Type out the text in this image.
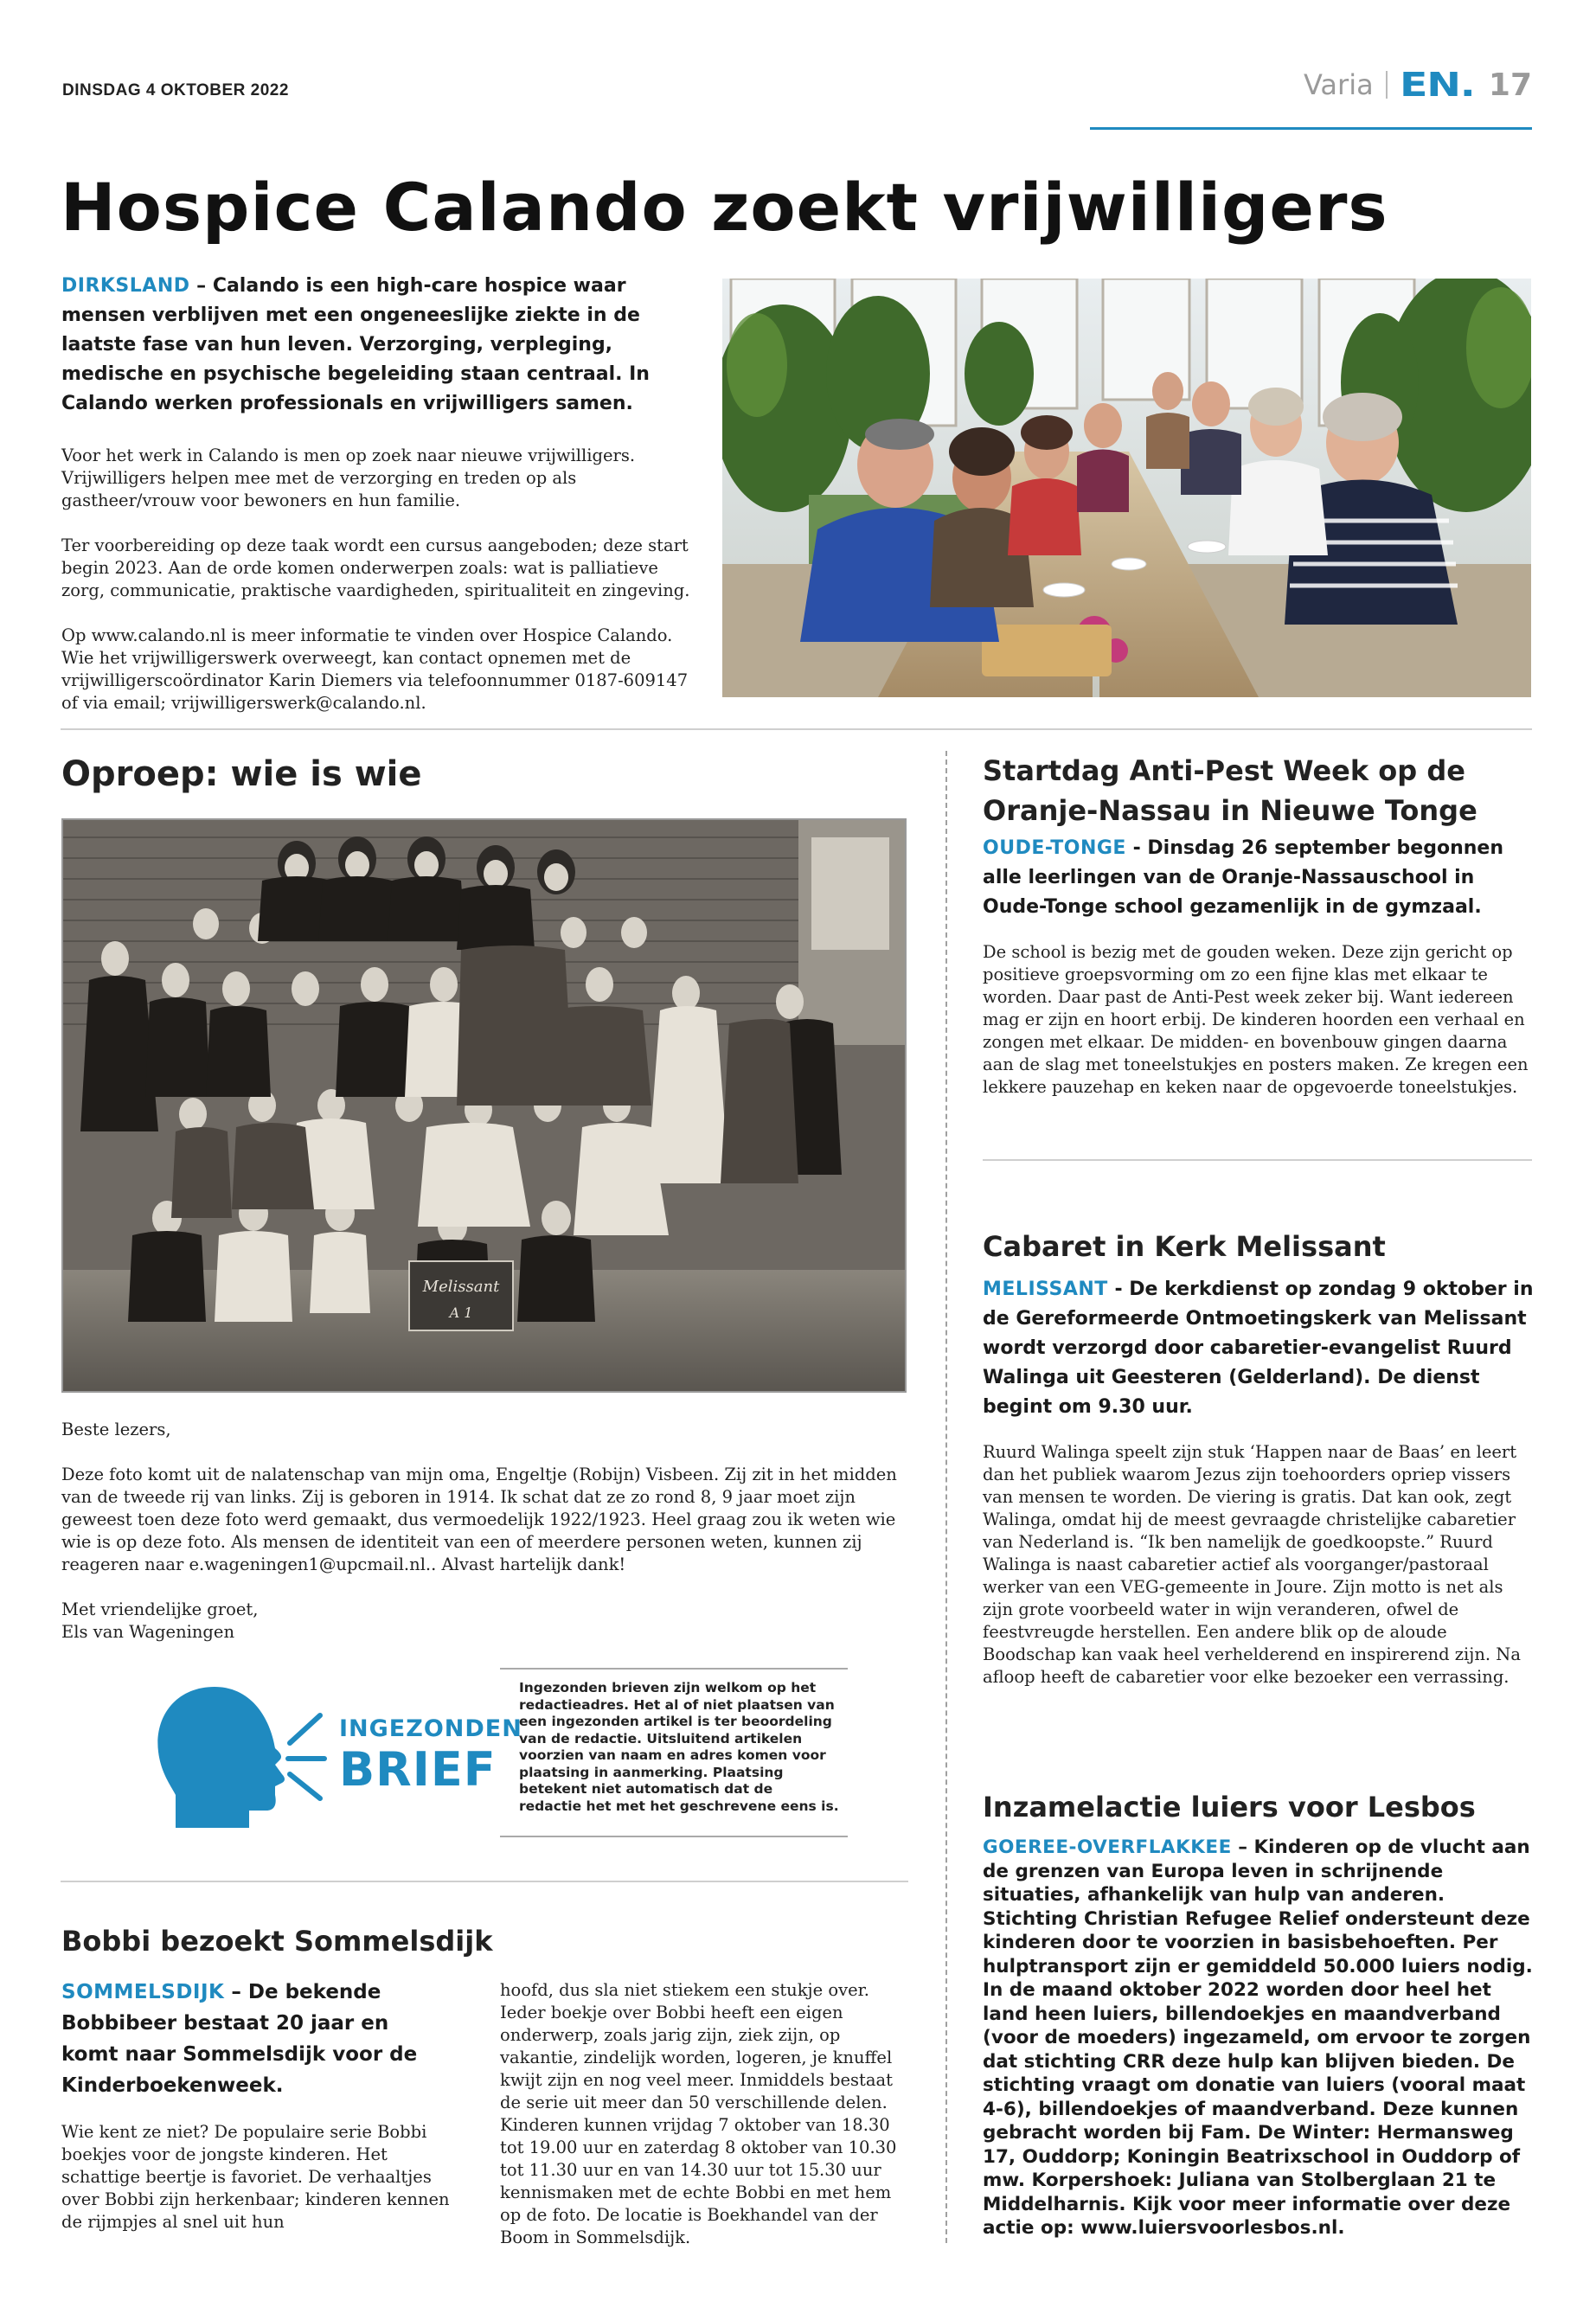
DINSDAG 4 OKTOBER 2022	Varia EN. 17
Hospice Calando zoekt vrijwilligers
DIRKSLAND – Calando is een high-care hospice waar mensen verblijven met een ongeneeslijke ziekte in de laatste fase van hun leven. Verzorging, verpleging, medische en psychische begeleiding staan centraal. In Calando werken professionals en vrijwilligers samen.

Voor het werk in Calando is men op zoek naar nieuwe vrijwilligers. Vrijwilligers helpen mee met de verzorging en treden op als gastheer/vrouw voor bewoners en hun familie.

Ter voorbereiding op deze taak wordt een cursus aangeboden; deze start begin 2023. Aan de orde komen onderwerpen zoals: wat is palliatieve zorg, communicatie, praktische vaardigheden, spiritualiteit en zingeving.

Op www.calando.nl is meer informatie te vinden over Hospice Calando. Wie het vrijwilligerswerk overweegt, kan contact opnemen met de vrijwilligerscoördinator Karin Diemers via telefoonnummer 0187-609147 of via email; vrijwilligerswerk@calando.nl.

Oproep: wie is wie
Melissant
A 1

Beste lezers,

Deze foto komt uit de nalatenschap van mijn oma, Engeltje (Robijn) Visbeen. Zij zit in het midden van de tweede rij van links. Zij is geboren in 1914. Ik schat dat ze zo rond 8, 9 jaar moet zijn geweest toen deze foto werd gemaakt, dus vermoedelijk 1922/1923. Heel graag zou ik weten wie wie is op deze foto. Als mensen de identiteit van een of meerdere personen weten, kunnen zij reageren naar e.wageningen1@upcmail.nl.. Alvast hartelijk dank!

Met vriendelijke groet,

Els van Wageningen

INGEZONDEN
BRIEF
Ingezonden brieven zijn welkom op het redactieadres. Het al of niet plaatsen van een ingezonden artikel is ter beoordeling van de redactie. Uitsluitend artikelen voorzien van naam en adres komen voor plaatsing in aanmerking. Plaatsing betekent niet automatisch dat de redactie het met het geschrevene eens is.
Bobbi bezoekt Sommelsdijk
SOMMELSDIJK – De bekende Bobbibeer bestaat 20 jaar en komt naar Sommelsdijk voor de Kinderboekenweek.
Wie kent ze niet? De populaire serie Bobbi boekjes voor de jongste kinderen. Het schattige beertje is favoriet. De verhaaltjes over Bobbi zijn herkenbaar; kinderen kennen de rijmpjes al snel uit hun
hoofd, dus sla niet stiekem een stukje over. Ieder boekje over Bobbi heeft een eigen onderwerp, zoals jarig zijn, ziek zijn, op vakantie, zindelijk worden, logeren, je knuffel kwijt zijn en nog veel meer. Inmiddels bestaat de serie uit meer dan 50 verschillende delen. Kinderen kunnen vrijdag 7 oktober van 18.30 tot 19.00 uur en zaterdag 8 oktober van 10.30 tot 11.30 uur en van 14.30 uur tot 15.30 uur kennismaken met de echte Bobbi en met hem op de foto. De locatie is Boekhandel van der Boom in Sommelsdijk.
Startdag Anti-Pest Week op de Oranje-Nassau in Nieuwe Tonge
OUDE-TONGE - Dinsdag 26 september begonnen alle leerlingen van de Oranje-Nassauschool in Oude-Tonge school gezamenlijk in de gymzaal.
De school is bezig met de gouden weken. Deze zijn gericht op positieve groepsvorming om zo een fijne klas met elkaar te worden. Daar past de Anti-Pest week zeker bij. Want iedereen mag er zijn en hoort erbij. De kinderen hoorden een verhaal en zongen met elkaar. De midden- en bovenbouw gingen daarna aan de slag met toneelstukjes en posters maken. Ze kregen een lekkere pauzehap en keken naar de opgevoerde toneelstukjes.
Cabaret in Kerk Melissant
MELISSANT - De kerkdienst op zondag 9 oktober in de Gereformeerde Ontmoetingskerk van Melissant wordt verzorgd door cabaretier-evangelist Ruurd Walinga uit Geesteren (Gelderland). De dienst begint om 9.30 uur.
Ruurd Walinga speelt zijn stuk ‘Happen naar de Baas’ en leert dan het publiek waarom Jezus zijn toehoorders opriep vissers van mensen te worden. De viering is gratis. Dat kan ook, zegt Walinga, omdat hij de meest gevraagde christelijke cabaretier van Nederland is. “Ik ben namelijk de goedkoopste.” Ruurd Walinga is naast cabaretier actief als voorganger/pastoraal werker van een VEG-gemeente in Joure. Zijn motto is net als zijn grote voorbeeld water in wijn veranderen, ofwel de feestvreugde herstellen. Een andere blik op de aloude Boodschap kan vaak heel verhelderend en inspirerend zijn. Na afloop heeft de cabaretier voor elke bezoeker een verrassing.
Inzamelactie luiers voor Lesbos
GOEREE-OVERFLAKKEE – Kinderen op de vlucht aan de grenzen van Europa leven in schrijnende situaties, afhankelijk van hulp van anderen. Stichting Christian Refugee Relief ondersteunt deze kinderen door te voorzien in basisbehoeften. Per hulptransport zijn er gemiddeld 50.000 luiers nodig. In de maand oktober 2022 worden door heel het land heen luiers, billendoekjes en maandverband (voor de moeders) ingezameld, om ervoor te zorgen dat stichting CRR deze hulp kan blijven bieden. De stichting vraagt om donatie van luiers (vooral maat 4-6), billendoekjes of maandverband. Deze kunnen gebracht worden bij Fam. De Winter: Hermansweg 17, Ouddorp; Koningin Beatrixschool in Ouddorp of mw. Korpershoek: Juliana van Stolberglaan 21 te Middelharnis. Kijk voor meer informatie over deze actie op: www.luiersvoorlesbos.nl.
